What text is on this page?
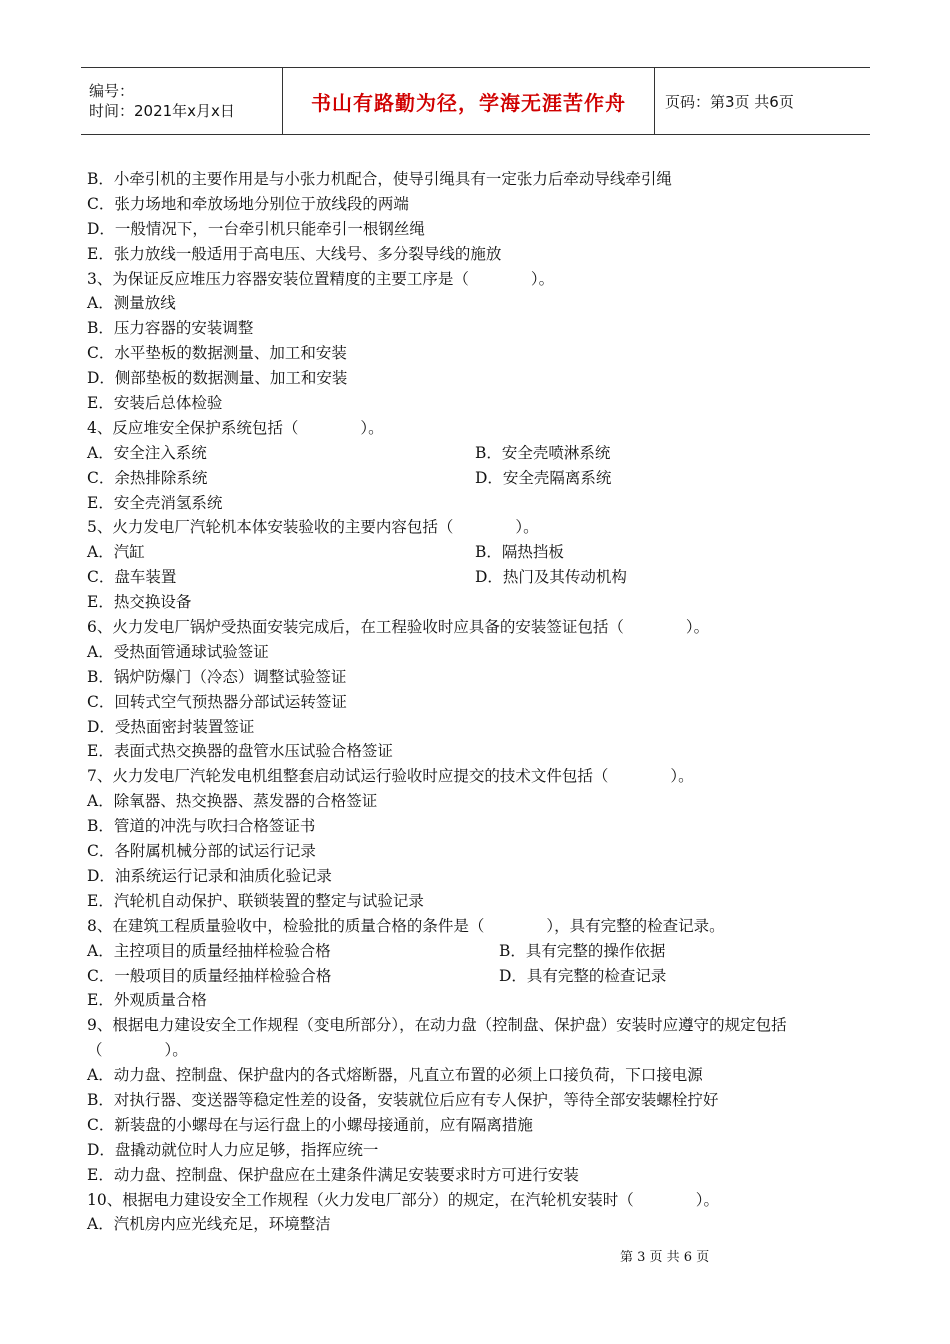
编号：
时间：2021年x月x日	书山有路勤为径，学海无涯苦作舟	页码：第3页 共6页
B．小牵引机的主要作用是与小张力机配合，使导引绳具有一定张力后牵动导线牵引绳
C．张力场地和牵放场地分别位于放线段的两端
D．一般情况下，一台牵引机只能牵引一根钢丝绳
E．张力放线一般适用于高电压、大线号、多分裂导线的施放
3、为保证反应堆压力容器安装位置精度的主要工序是（　　　　）。
A．测量放线
B．压力容器的安装调整
C．水平垫板的数据测量、加工和安装
D．侧部垫板的数据测量、加工和安装
E．安装后总体检验
4、反应堆安全保护系统包括（　　　　）。
A．安全注入系统	B．安全壳喷淋系统
C．余热排除系统	D．安全壳隔离系统
E．安全壳消氢系统
5、火力发电厂汽轮机本体安装验收的主要内容包括（　　　　）。
A．汽缸	B．隔热挡板
C．盘车装置	D．热门及其传动机构
E．热交换设备
6、火力发电厂锅炉受热面安装完成后，在工程验收时应具备的安装签证包括（　　　　）。
A．受热面管通球试验签证
B．锅炉防爆门（冷态）调整试验签证
C．回转式空气预热器分部试运转签证
D．受热面密封装置签证
E．表面式热交换器的盘管水压试验合格签证
7、火力发电厂汽轮发电机组整套启动试运行验收时应提交的技术文件包括（　　　　）。
A．除氧器、热交换器、蒸发器的合格签证
B．管道的冲洗与吹扫合格签证书
C．各附属机械分部的试运行记录
D．油系统运行记录和油质化验记录
E．汽轮机自动保护、联锁装置的整定与试验记录
8、在建筑工程质量验收中，检验批的质量合格的条件是（　　　　），具有完整的检查记录。
A．主控项目的质量经抽样检验合格	B．具有完整的操作依据
C．一般项目的质量经抽样检验合格	D．具有完整的检查记录
E．外观质量合格
9、根据电力建设安全工作规程（变电所部分），在动力盘（控制盘、保护盘）安装时应遵守的规定包括
（　　　　）。
A．动力盘、控制盘、保护盘内的各式熔断器，凡直立布置的必须上口接负荷，下口接电源
B．对执行器、变送器等稳定性差的设备，安装就位后应有专人保护，等待全部安装螺栓拧好
C．新装盘的小螺母在与运行盘上的小螺母接通前，应有隔离措施
D．盘撬动就位时人力应足够，指挥应统一
E．动力盘、控制盘、保护盘应在土建条件满足安装要求时方可进行安装
10、根据电力建设安全工作规程（火力发电厂部分）的规定，在汽轮机安装时（　　　　）。
A．汽机房内应光线充足，环境整洁
第 3 页 共 6 页
